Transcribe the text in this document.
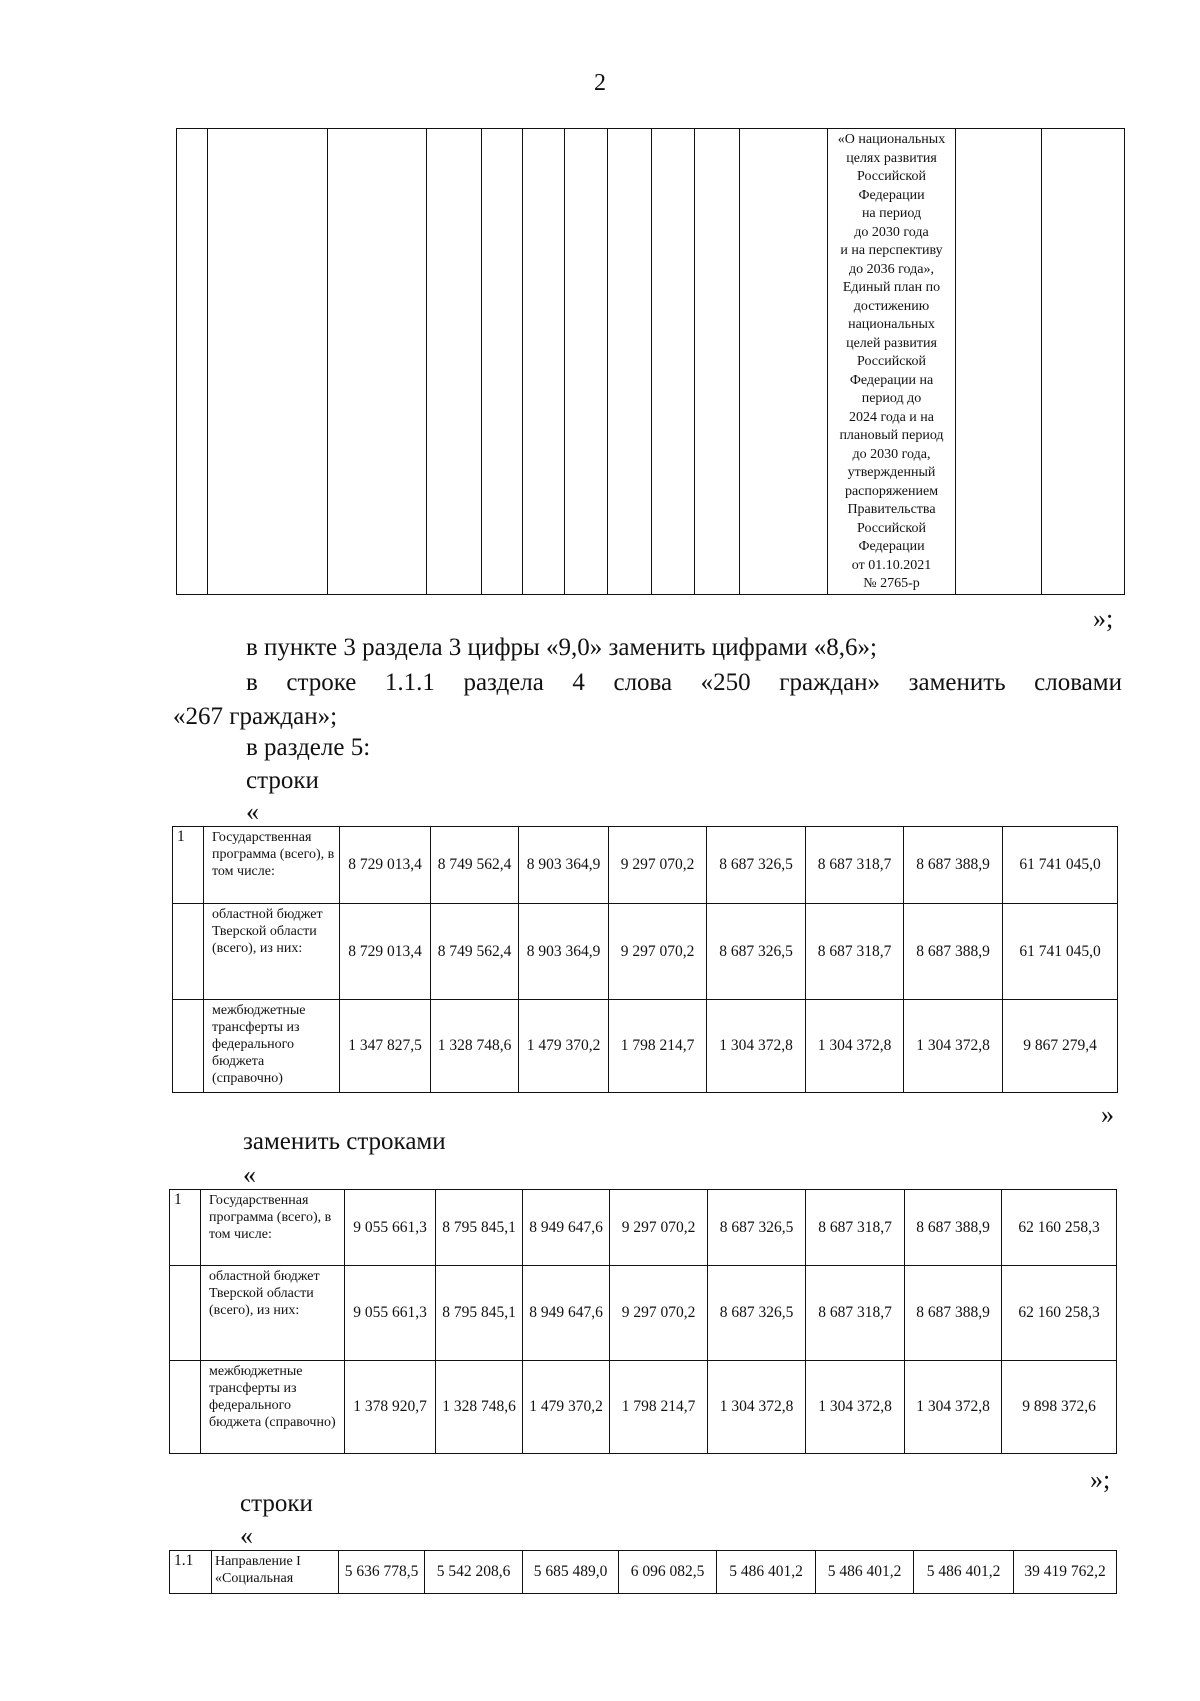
2

«О национальных
целях развития
Российской
Федерации
на период
до 2030 года
и на перспективу
до 2036 года»,
Единый план по
достижению
национальных
целей развития
Российской
Федерации на
период до
2024 года и на
плановый период
до 2030 года,
утвержденный
распоряжением
Правительства
Российской
Федерации
от 01.10.2021
№ 2765-р

»;
в пункте 3 раздела 3 цифры «9,0» заменить цифрами «8,6»;
в строке 1.1.1 раздела 4 слова «250 граждан» заменить словами
«267 граждан»;
в разделе 5:
строки
«
1	Государственная программа (всего), в том числе:	8 729 013,4	8 749 562,4	8 903 364,9	9 297 070,2	8 687 326,5	8 687 318,7	8 687 388,9	61 741 045,0
	областной бюджет Тверской области (всего), из них:	8 729 013,4	8 749 562,4	8 903 364,9	9 297 070,2	8 687 326,5	8 687 318,7	8 687 388,9	61 741 045,0
	межбюджетные трансферты из федерального бюджета (справочно)	1 347 827,5	1 328 748,6	1 479 370,2	1 798 214,7	1 304 372,8	1 304 372,8	1 304 372,8	9 867 279,4
»
заменить строками
«
1	Государственная программа (всего), в том числе:	9 055 661,3	8 795 845,1	8 949 647,6	9 297 070,2	8 687 326,5	8 687 318,7	8 687 388,9	62 160 258,3
	областной бюджет Тверской области (всего), из них:	9 055 661,3	8 795 845,1	8 949 647,6	9 297 070,2	8 687 326,5	8 687 318,7	8 687 388,9	62 160 258,3
	межбюджетные трансферты из федерального бюджета (справочно)	1 378 920,7	1 328 748,6	1 479 370,2	1 798 214,7	1 304 372,8	1 304 372,8	1 304 372,8	9 898 372,6
»;
строки
«
1.1	Направление I «Социальная	5 636 778,5	5 542 208,6	5 685 489,0	6 096 082,5	5 486 401,2	5 486 401,2	5 486 401,2	39 419 762,2
